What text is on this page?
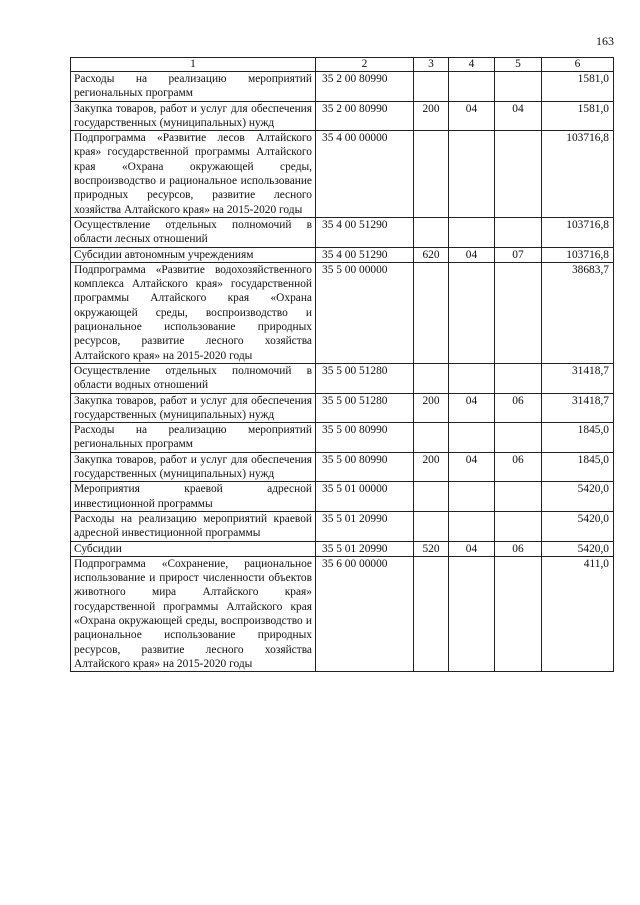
163
1	2	3	4	5	6
Расходы на реализацию мероприятий региональных программ	35 2 00 80990				1581,0
Закупка товаров, работ и услуг для обеспечения государственных (муниципальных) нужд	35 2 00 80990	200	04	04	1581,0
Подпрограмма «Развитие лесов Алтайского края» государственной программы Алтайского края «Охрана окружающей среды, воспроизводство и рациональное использование природных ресурсов, развитие лесного хозяйства Алтайского края» на 2015-2020 годы	35 4 00 00000				103716,8
Осуществление отдельных полномочий в области лесных отношений	35 4 00 51290				103716,8
Субсидии автономным учреждениям	35 4 00 51290	620	04	07	103716,8
Подпрограмма «Развитие водохозяйственного комплекса Алтайского края» государственной программы Алтайского края «Охрана окружающей среды, воспроизводство и рациональное использование природных ресурсов, развитие лесного хозяйства Алтайского края» на 2015-2020 годы	35 5 00 00000				38683,7
Осуществление отдельных полномочий в области водных отношений	35 5 00 51280				31418,7
Закупка товаров, работ и услуг для обеспечения государственных (муниципальных) нужд	35 5 00 51280	200	04	06	31418,7
Расходы на реализацию мероприятий региональных программ	35 5 00 80990				1845,0
Закупка товаров, работ и услуг для обеспечения государственных (муниципальных) нужд	35 5 00 80990	200	04	06	1845,0
Мероприятия краевой адресной инвестиционной программы	35 5 01 00000				5420,0
Расходы на реализацию мероприятий краевой адресной инвестиционной программы	35 5 01 20990				5420,0
Субсидии	35 5 01 20990	520	04	06	5420,0
Подпрограмма «Сохранение, рациональное использование и прирост численности объектов животного мира Алтайского края» государственной программы Алтайского края «Охрана окружающей среды, воспроизводство и рациональное использование природных ресурсов, развитие лесного хозяйства Алтайского края» на 2015-2020 годы	35 6 00 00000				411,0
